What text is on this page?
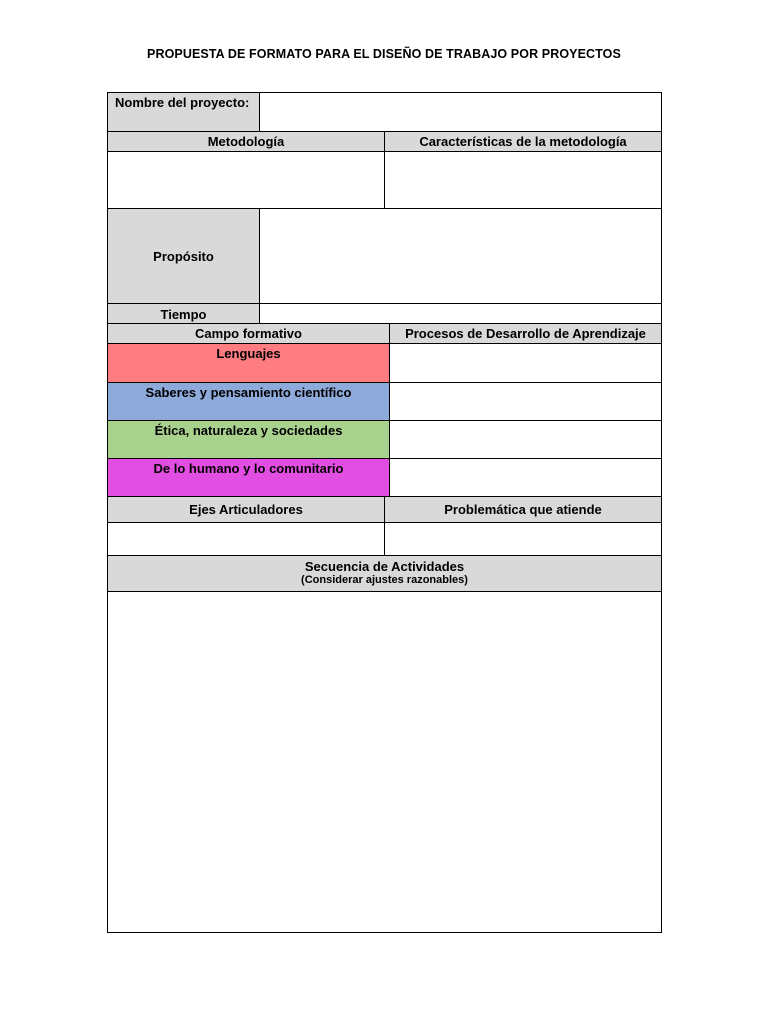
PROPUESTA DE FORMATO PARA EL DISEÑO DE TRABAJO POR PROYECTOS
Nombre del proyecto:
Metodología	Características de la metodología
Propósito
Tiempo
Campo formativo	Procesos de Desarrollo de Aprendizaje
Lenguajes
Saberes y pensamiento científico
Ética, naturaleza y sociedades
De lo humano y lo comunitario
Ejes Articuladores	Problemática que atiende
Secuencia de Actividades
(Considerar ajustes razonables)
